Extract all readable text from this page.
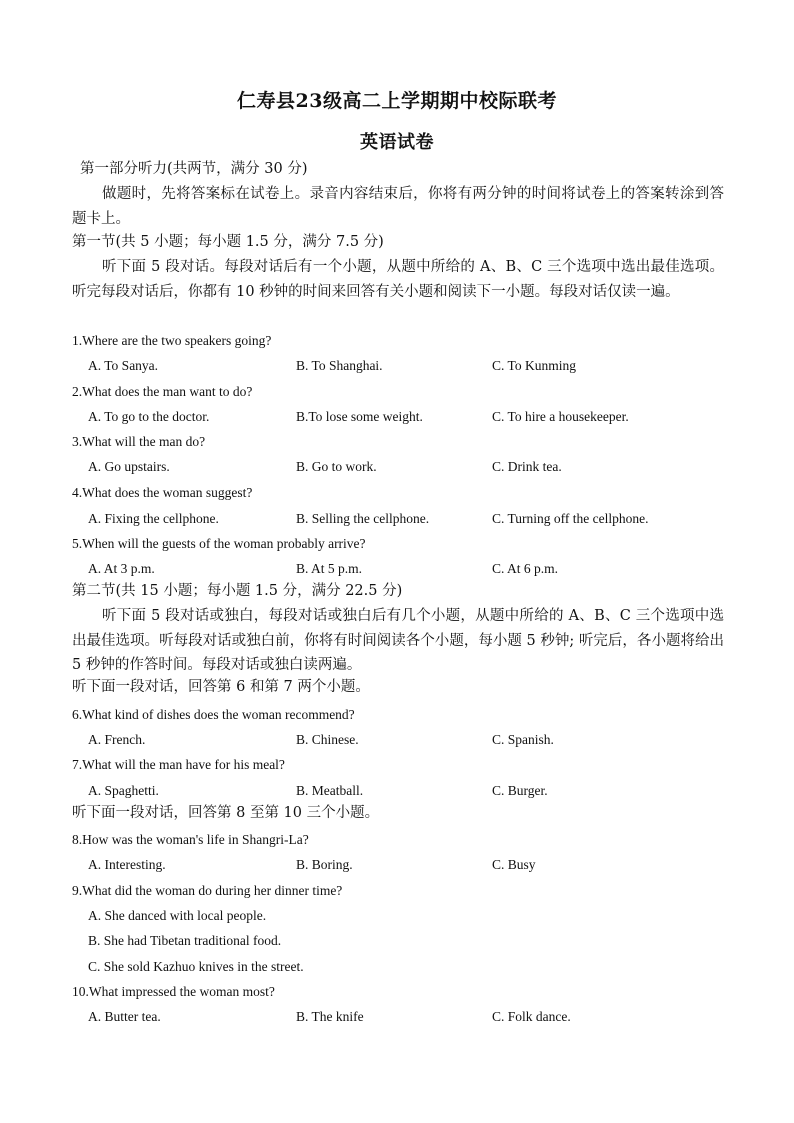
仁寿县23级高二上学期期中校际联考
英语试卷
第一部分听力(共两节，满分 30 分)
做题时，先将答案标在试卷上。录音内容结束后，你将有两分钟的时间将试卷上的答案转涂到答题卡上。
第一节(共 5 小题；每小题 1.5 分，满分 7.5 分)
听下面 5 段对话。每段对话后有一个小题，从题中所给的 A、B、C 三个选项中选出最佳选项。听完每段对话后，你都有 10 秒钟的时间来回答有关小题和阅读下一小题。每段对话仅读一遍。
1.Where are the two speakers going?
A. To Sanya.	B. To Shanghai.	C. To Kunming
2.What does the man want to do?
A. To go to the doctor.	B.To lose some weight.	C. To hire a housekeeper.
3.What will the man do?
A. Go upstairs.	B. Go to work.	C. Drink tea.
4.What does the woman suggest?
A. Fixing the cellphone.	B. Selling the cellphone.	C. Turning off the cellphone.
5.When will the guests of the woman probably arrive?
A. At 3 p.m.	B. At 5 p.m.	C. At 6 p.m.
第二节(共 15 小题；每小题 1.5 分，满分 22.5 分)
听下面 5 段对话或独白，每段对话或独白后有几个小题，从题中所给的 A、B、C 三个选项中选出最佳选项。听每段对话或独白前，你将有时间阅读各个小题，每小题 5 秒钟; 听完后，各小题将给出 5 秒钟的作答时间。每段对话或独白读两遍。
听下面一段对话，回答第 6 和第 7 两个小题。
6.What kind of dishes does the woman recommend?
A. French.	B. Chinese.	C. Spanish.
7.What will the man have for his meal?
A. Spaghetti.	B. Meatball.	C. Burger.
听下面一段对话，回答第 8 至第 10 三个小题。
8.How was the woman's life in Shangri-La?
A. Interesting.	B. Boring.	C. Busy
9.What did the woman do during her dinner time?
A. She danced with local people.
B. She had Tibetan traditional food.
C. She sold Kazhuo knives in the street.
10.What impressed the woman most?
A. Butter tea.	B. The knife	C. Folk dance.
